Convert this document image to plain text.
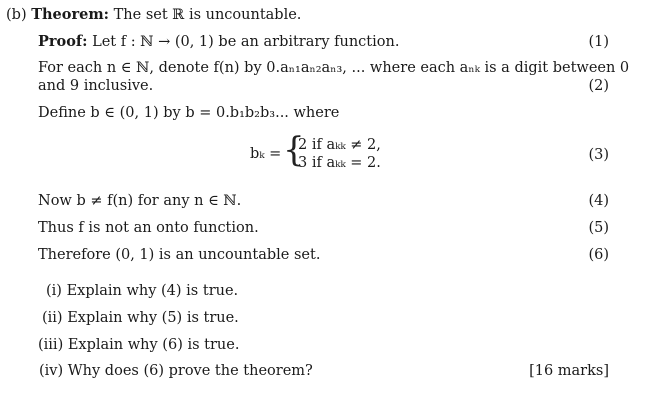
(b) Theorem: The set ℝ is uncountable.
Proof: Let f : ℕ → (0, 1) be an arbitrary function.	(1)
For each n ∈ ℕ, denote f(n) by 0.aₙ₁aₙ₂aₙ₃, ... where each aₙₖ is a digit between 0
and 9 inclusive.	(2)
Define b ∈ (0, 1) by b = 0.b₁b₂b₃... where
bₖ = {
2 if aₖₖ ≠ 2,
3 if aₖₖ = 2.	(3)
Now b ≠ f(n) for any n ∈ ℕ.	(4)
Thus f is not an onto function.	(5)
Therefore (0, 1) is an uncountable set.	(6)
(i) Explain why (4) is true.
(ii) Explain why (5) is true.
(iii) Explain why (6) is true.
(iv) Why does (6) prove the theorem?	[16 marks]
